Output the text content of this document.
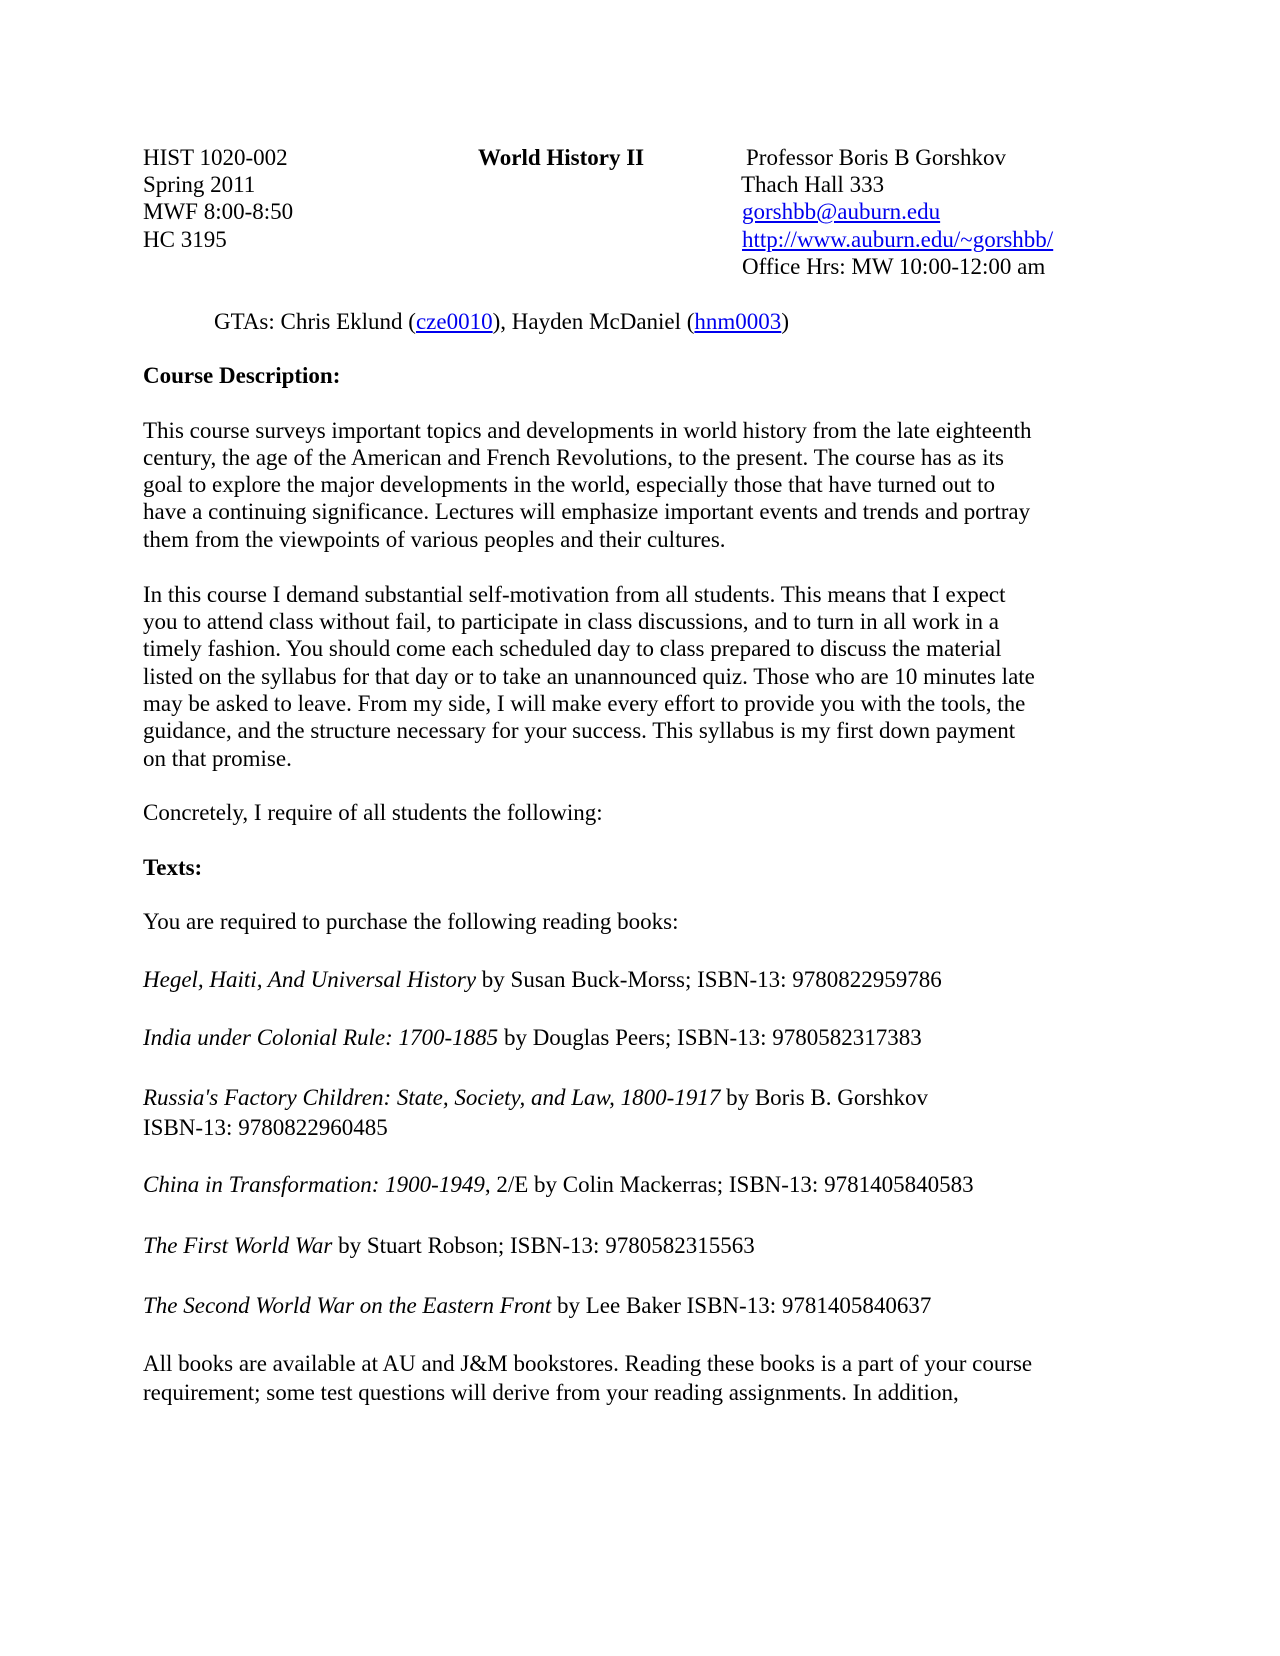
HIST 1020-002
Spring 2011
MWF 8:00-8:50
HC 3195
World History II	Professor Boris B Gorshkov
Thach Hall 333
gorshbb@auburn.edu
http://www.auburn.edu/~gorshbb/
Office Hrs: MW 10:00-12:00 am
GTAs: Chris Eklund (cze0010), Hayden McDaniel (hnm0003)
Course Description:
This course surveys important topics and developments in world history from the late eighteenth
century, the age of the American and French Revolutions, to the present. The course has as its
goal to explore the major developments in the world, especially those that have turned out to
have a continuing significance. Lectures will emphasize important events and trends and portray
them from the viewpoints of various peoples and their cultures.
In this course I demand substantial self-motivation from all students. This means that I expect
you to attend class without fail, to participate in class discussions, and to turn in all work in a
timely fashion. You should come each scheduled day to class prepared to discuss the material
listed on the syllabus for that day or to take an unannounced quiz. Those who are 10 minutes late
may be asked to leave. From my side, I will make every effort to provide you with the tools, the
guidance, and the structure necessary for your success. This syllabus is my first down payment
on that promise.
Concretely, I require of all students the following:
Texts:
You are required to purchase the following reading books:
Hegel, Haiti, And Universal History by Susan Buck-Morss; ISBN-13: 9780822959786
India under Colonial Rule: 1700-1885 by Douglas Peers; ISBN-13: 9780582317383
Russia's Factory Children: State, Society, and Law, 1800-1917 by Boris B. Gorshkov
ISBN-13: 9780822960485
China in Transformation: 1900-1949, 2/E by Colin Mackerras; ISBN-13: 9781405840583
The First World War by Stuart Robson; ISBN-13: 9780582315563
The Second World War on the Eastern Front by Lee Baker ISBN-13: 9781405840637
All books are available at AU and J&M bookstores. Reading these books is a part of your course
requirement; some test questions will derive from your reading assignments. In addition,
